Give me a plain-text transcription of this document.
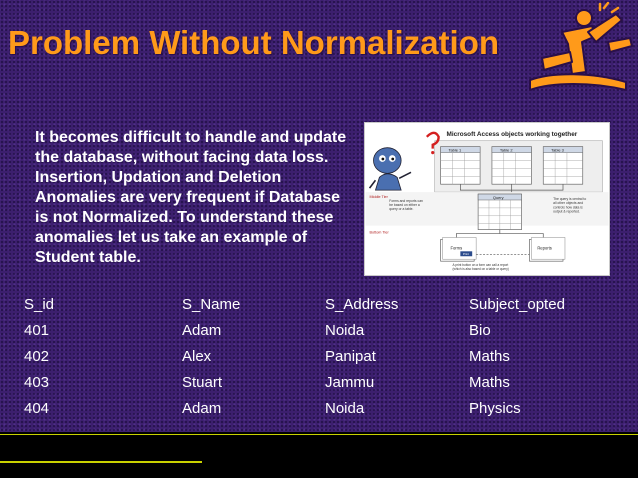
Problem Without Normalization
It becomes difficult to handle and update the database, without facing data loss. Insertion, Updation and Deletion Anomalies are very frequent if Database is not Normalized. To understand these anomalies let us take an example of Student table.
Microsoft Access objects working together
Table 1	Table 2	Table 3
Middle Tier	Query
Forms and reports can be based on either a query or a table.
The query is central to all other objects and controls how data is output & reported.
Bottom Tier
Forms
Print
Reports
A print button on a form can call a report (which is also based on a table or query)
S_id	S_Name	S_Address	Subject_opted
401	Adam	Noida	Bio
402	Alex	Panipat	Maths
403	Stuart	Jammu	Maths
404	Adam	Noida	Physics
